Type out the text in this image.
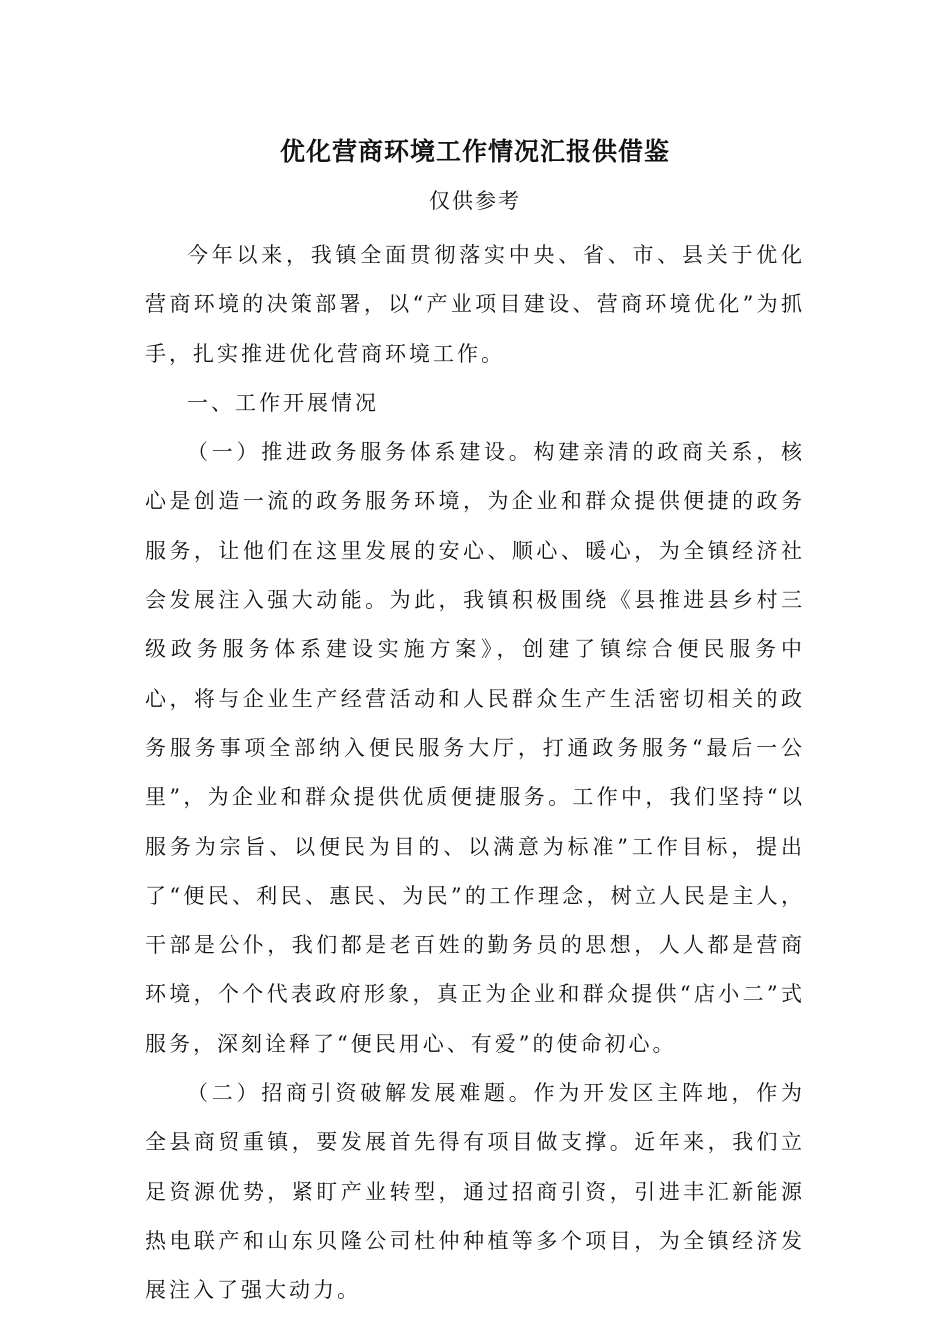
优化营商环境工作情况汇报供借鉴
仅供参考

今年以来，我镇全面贯彻落实中央、省、市、县关于优化营商环境的决策部署，以“产业项目建设、营商环境优化”为抓手，扎实推进优化营商环境工作。

一、工作开展情况

（一）推进政务服务体系建设。构建亲清的政商关系，核心是创造一流的政务服务环境，为企业和群众提供便捷的政务服务，让他们在这里发展的安心、顺心、暖心，为全镇经济社会发展注入强大动能。为此，我镇积极围绕《县推进县乡村三级政务服务体系建设实施方案》，创建了镇综合便民服务中心，将与企业生产经营活动和人民群众生产生活密切相关的政务服务事项全部纳入便民服务大厅，打通政务服务“最后一公里”，为企业和群众提供优质便捷服务。工作中，我们坚持“以服务为宗旨、以便民为目的、以满意为标准”工作目标，提出了“便民、利民、惠民、为民”的工作理念，树立人民是主人，干部是公仆，我们都是老百姓的勤务员的思想，人人都是营商环境，个个代表政府形象，真正为企业和群众提供“店小二”式服务，深刻诠释了“便民用心、有爱”的使命初心。

（二）招商引资破解发展难题。作为开发区主阵地，作为全县商贸重镇，要发展首先得有项目做支撑。近年来，我们立足资源优势，紧盯产业转型，通过招商引资，引进丰汇新能源热电联产和山东贝隆公司杜仲种植等多个项目，为全镇经济发展注入了强大动力。
